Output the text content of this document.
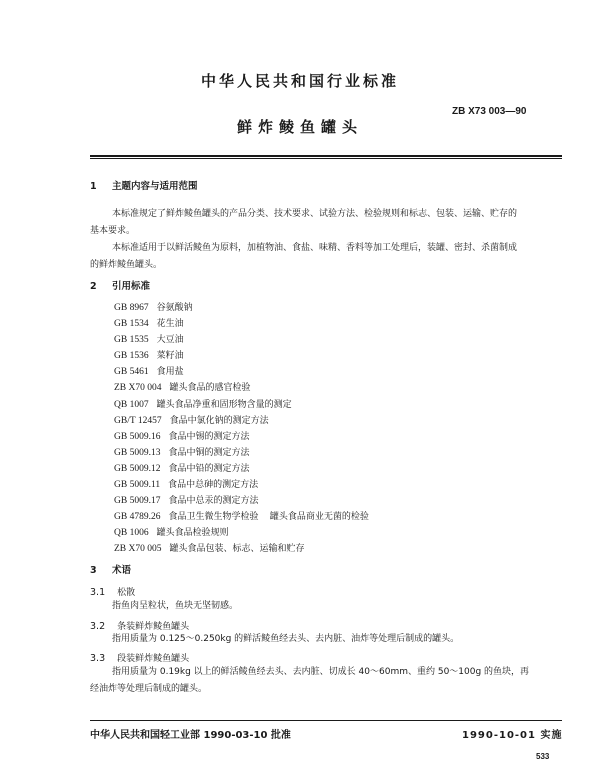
中华人民共和国行业标准
鲜炸鲮鱼罐头
ZB X73 003—90
1 主题内容与适用范围
本标准规定了鲜炸鲮鱼罐头的产品分类、技术要求、试验方法、检验规则和标志、包装、运输、贮存的
基本要求。
本标准适用于以鲜活鲮鱼为原料，加植物油、食盐、味精、香料等加工处理后，装罐、密封、杀菌制成
的鲜炸鲮鱼罐头。
2 引用标准
GB 8967 谷氨酸钠
GB 1534 花生油
GB 1535 大豆油
GB 1536 菜籽油
GB 5461 食用盐
ZB X70 004 罐头食品的感官检验
QB 1007 罐头食品净重和固形物含量的测定
GB/T 12457 食品中氯化钠的测定方法
GB 5009.16 食品中锡的测定方法
GB 5009.13 食品中铜的测定方法
GB 5009.12 食品中铅的测定方法
GB 5009.11 食品中总砷的测定方法
GB 5009.17 食品中总汞的测定方法
GB 4789.26 食品卫生微生物学检验    罐头食品商业无菌的检验
QB 1006 罐头食品检验规则
ZB X70 005 罐头食品包装、标志、运输和贮存
3 术语
3.1 松散
指鱼肉呈粒状，鱼块无坚韧感。
3.2 条装鲜炸鲮鱼罐头
指用质量为 0.125～0.250kg 的鲜活鲮鱼经去头、去内脏、油炸等处理后制成的罐头。
3.3 段装鲜炸鲮鱼罐头
指用质量为 0.19kg 以上的鲜活鲮鱼经去头、去内脏、切成长 40～60mm、重约 50～100g 的鱼块，再
经油炸等处理后制成的罐头。
中华人民共和国轻工业部 1990-03-10 批准	1990-10-01 实施
533
